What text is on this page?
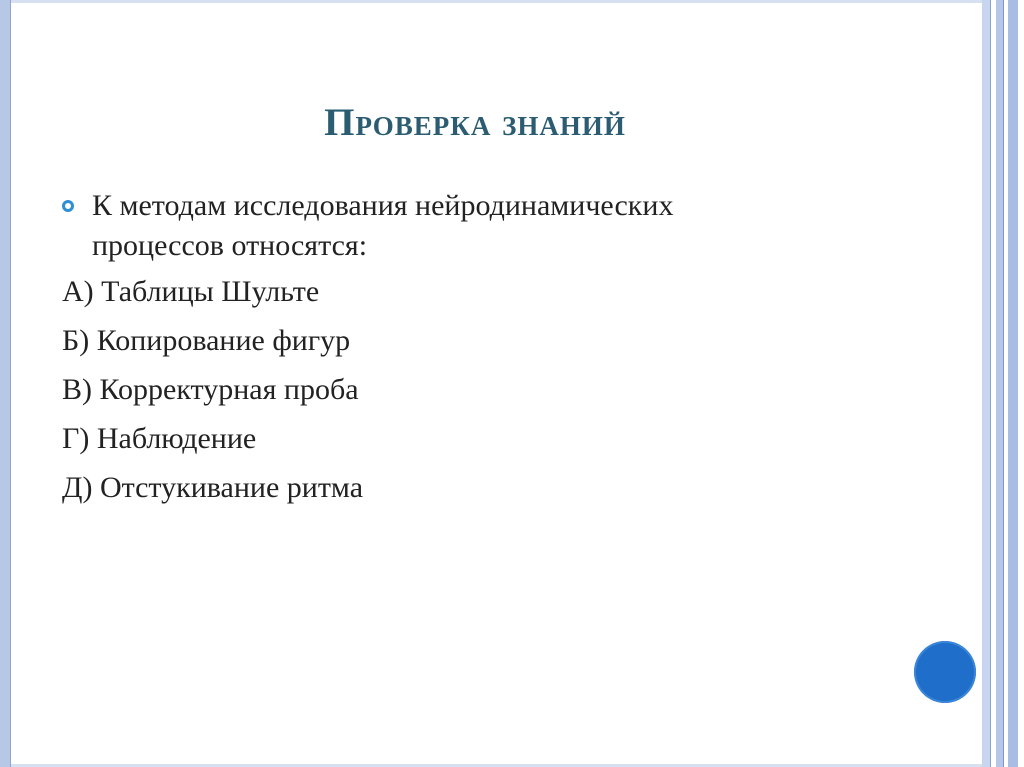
Проверка знаний
К методам исследования нейродинамических
процессов относятся:

А) Таблицы Шульте

Б) Копирование фигур

В) Корректурная проба

Г) Наблюдение

Д) Отстукивание ритма
